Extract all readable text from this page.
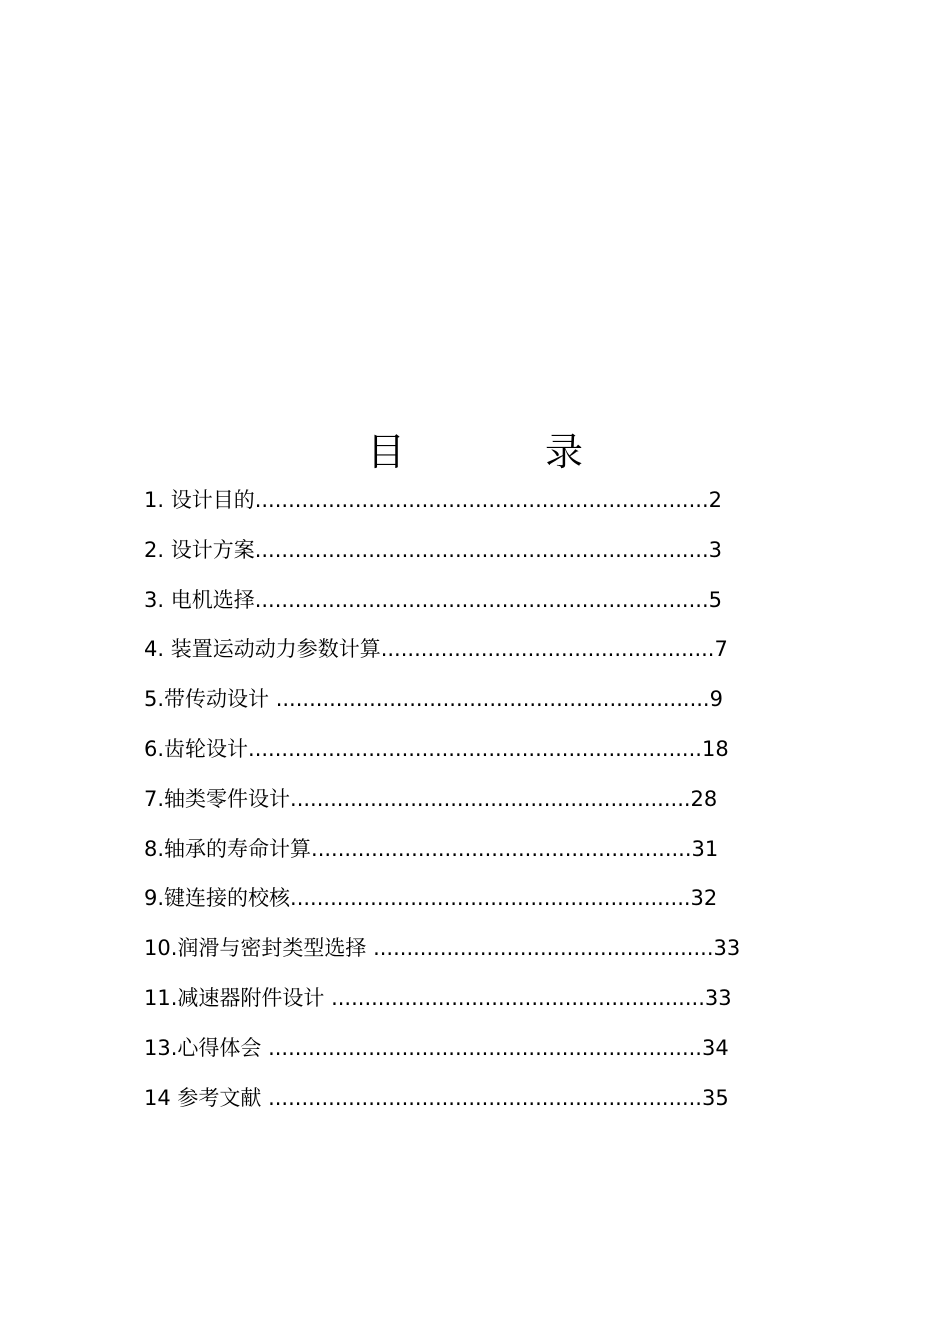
目 录
1. 设计目的....................................................................2
2. 设计方案....................................................................3
3. 电机选择....................................................................5
4. 装置运动动力参数计算..................................................7
5.带传动设计 .................................................................9
6.齿轮设计....................................................................18
7.轴类零件设计............................................................28
8.轴承的寿命计算.........................................................31
9.键连接的校核............................................................32
10.润滑与密封类型选择 ...................................................33
11.减速器附件设计 ........................................................33
13.心得体会 .................................................................34
14 参考文献 .................................................................35
